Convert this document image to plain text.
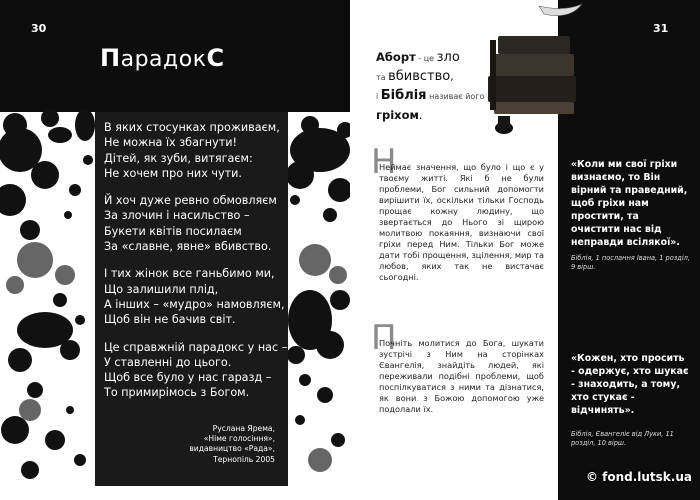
30
ПарадокС

В яких стосунках проживаєм,
Не можна їх збагнути!
Дітей, як зуби, витягаєм:
Не хочем про них чути.

Й хоч дуже ревно обмовляєм
За злочин і насильство –
Букети квітів посилаєм
За «славне, явне» вбивство.

І тих жінок все ганьбимо ми,
Що залишили плід,
А інших – «мудро» намовляєм,
Щоб він не бачив світ.

Це справжній парадокс у нас –
У ставленні до цього.
Щоб все було у нас гаразд –
То примирімось з Богом.

Руслана Ярема,
«Німе голосіння»,
видавництво «Рада»,
Тернопіль 2005
31
Аборт - це зло
та вбивство,
і Біблія називає його
гріхом.
Н
Неймає значення, що було і що є у твоєму житті. Які б не були проблеми, Бог сильний допомогти вирішити їх, оскільки тільки Господь прощає кожну людину, що звертається до Нього зі щирою молитвою покаяння, визнаючи свої гріхи перед Ним. Тільки Бог може дати тобі прощення, зцілення, мир та любов, яких так не вистачає сьогодні.
П
Почніть молитися до Бога, шукати зустрічі з Ним на сторінках Євангелія, знайдіть людей, які переживали подібні проблеми, щоб поспілкуватися з ними та дізнатися, як вони з Божою допомогою уже подолали їх.
«Коли ми свої гріхи визнаємо, то Він вірний та праведний, щоб гріхи нам простити, та очистити нас від неправди всілякої».
Біблія, 1 послання Івана, 1 розділ, 9 вірш.
«Кожен, хто просить - одержує, хто шукає - знаходить, а тому, хто стукає - відчинять».
Біблія, Євангеліє від Луки, 11 розділ, 10 вірш.
© fond.lutsk.ua
